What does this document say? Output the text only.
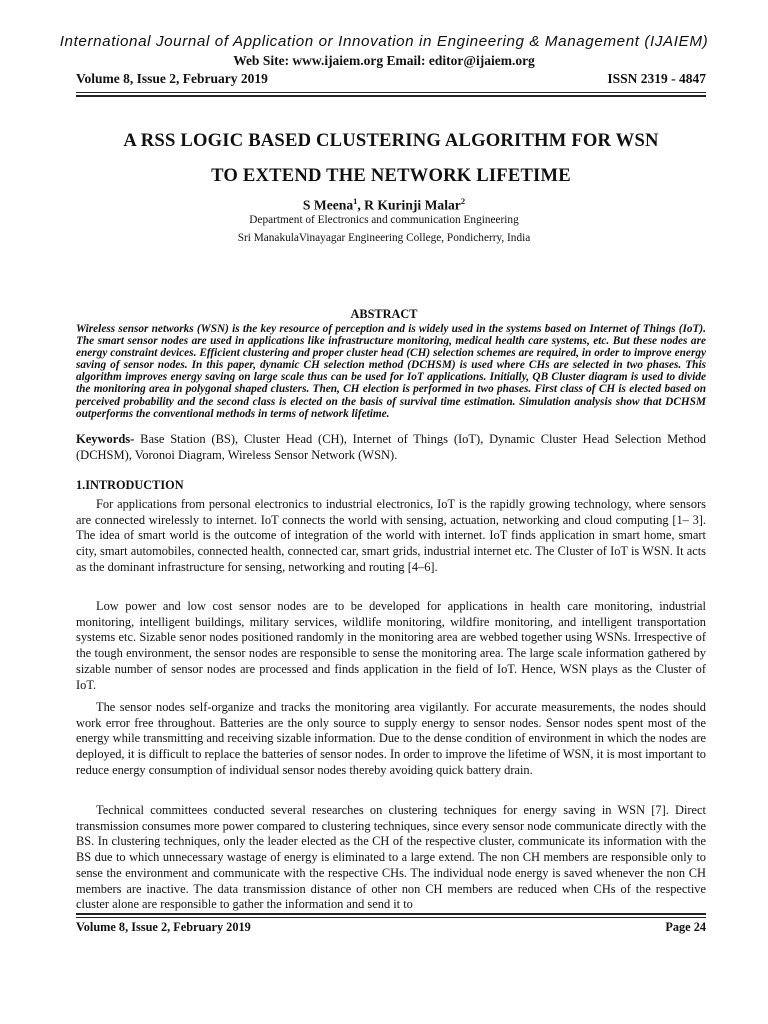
International Journal of Application or Innovation in Engineering & Management (IJAIEM)
Web Site: www.ijaiem.org Email: editor@ijaiem.org
Volume 8, Issue 2, February 2019	ISSN 2319 - 4847
A RSS LOGIC BASED CLUSTERING ALGORITHM FOR WSN
TO EXTEND THE NETWORK LIFETIME
S Meena$^1$, R Kurinji Malar$^2$
Department of Electronics and communication Engineering
Sri ManakulaVinayagar Engineering College, Pondicherry, India
ABSTRACT
Wireless sensor networks (WSN) is the key resource of perception and is widely used in the systems based on Internet of Things (IoT). The smart sensor nodes are used in applications like infrastructure monitoring, medical health care systems, etc. But these nodes are energy constraint devices. Efficient clustering and proper cluster head (CH) selection schemes are required, in order to improve energy saving of sensor nodes. In this paper, dynamic CH selection method (DCHSM) is used where CHs are selected in two phases. This algorithm improves energy saving on large scale thus can be used for IoT applications. Initially, QB Cluster diagram is used to divide the monitoring area in polygonal shaped clusters. Then, CH election is performed in two phases. First class of CH is elected based on perceived probability and the second class is elected on the basis of survival time estimation. Simulation analysis show that DCHSM outperforms the conventional methods in terms of network lifetime.
Keywords- Base Station (BS), Cluster Head (CH), Internet of Things (IoT), Dynamic Cluster Head Selection Method (DCHSM), Voronoi Diagram, Wireless Sensor Network (WSN).
1.INTRODUCTION
For applications from personal electronics to industrial electronics, IoT is the rapidly growing technology, where sensors are connected wirelessly to internet. IoT connects the world with sensing, actuation, networking and cloud computing [1– 3]. The idea of smart world is the outcome of integration of the world with internet. IoT finds application in smart home, smart city, smart automobiles, connected health, connected car, smart grids, industrial internet etc. The Cluster of IoT is WSN. It acts as the dominant infrastructure for sensing, networking and routing [4–6].
Low power and low cost sensor nodes are to be developed for applications in health care monitoring, industrial monitoring, intelligent buildings, military services, wildlife monitoring, wildfire monitoring, and intelligent transportation systems etc. Sizable senor nodes positioned randomly in the monitoring area are webbed together using WSNs. Irrespective of the tough environment, the sensor nodes are responsible to sense the monitoring area. The large scale information gathered by sizable number of sensor nodes are processed and finds application in the field of IoT. Hence, WSN plays as the Cluster of IoT.
The sensor nodes self-organize and tracks the monitoring area vigilantly. For accurate measurements, the nodes should work error free throughout. Batteries are the only source to supply energy to sensor nodes. Sensor nodes spent most of the energy while transmitting and receiving sizable information. Due to the dense condition of environment in which the nodes are deployed, it is difficult to replace the batteries of sensor nodes. In order to improve the lifetime of WSN, it is most important to reduce energy consumption of individual sensor nodes thereby avoiding quick battery drain.
Technical committees conducted several researches on clustering techniques for energy saving in WSN [7]. Direct transmission consumes more power compared to clustering techniques, since every sensor node communicate directly with the BS. In clustering techniques, only the leader elected as the CH of the respective cluster, communicate its information with the BS due to which unnecessary wastage of energy is eliminated to a large extend. The non CH members are responsible only to sense the environment and communicate with the respective CHs. The individual node energy is saved whenever the non CH members are inactive. The data transmission distance of other non CH members are reduced when CHs of the respective cluster alone are responsible to gather the information and send it to
Volume 8, Issue 2, February 2019	Page 24
